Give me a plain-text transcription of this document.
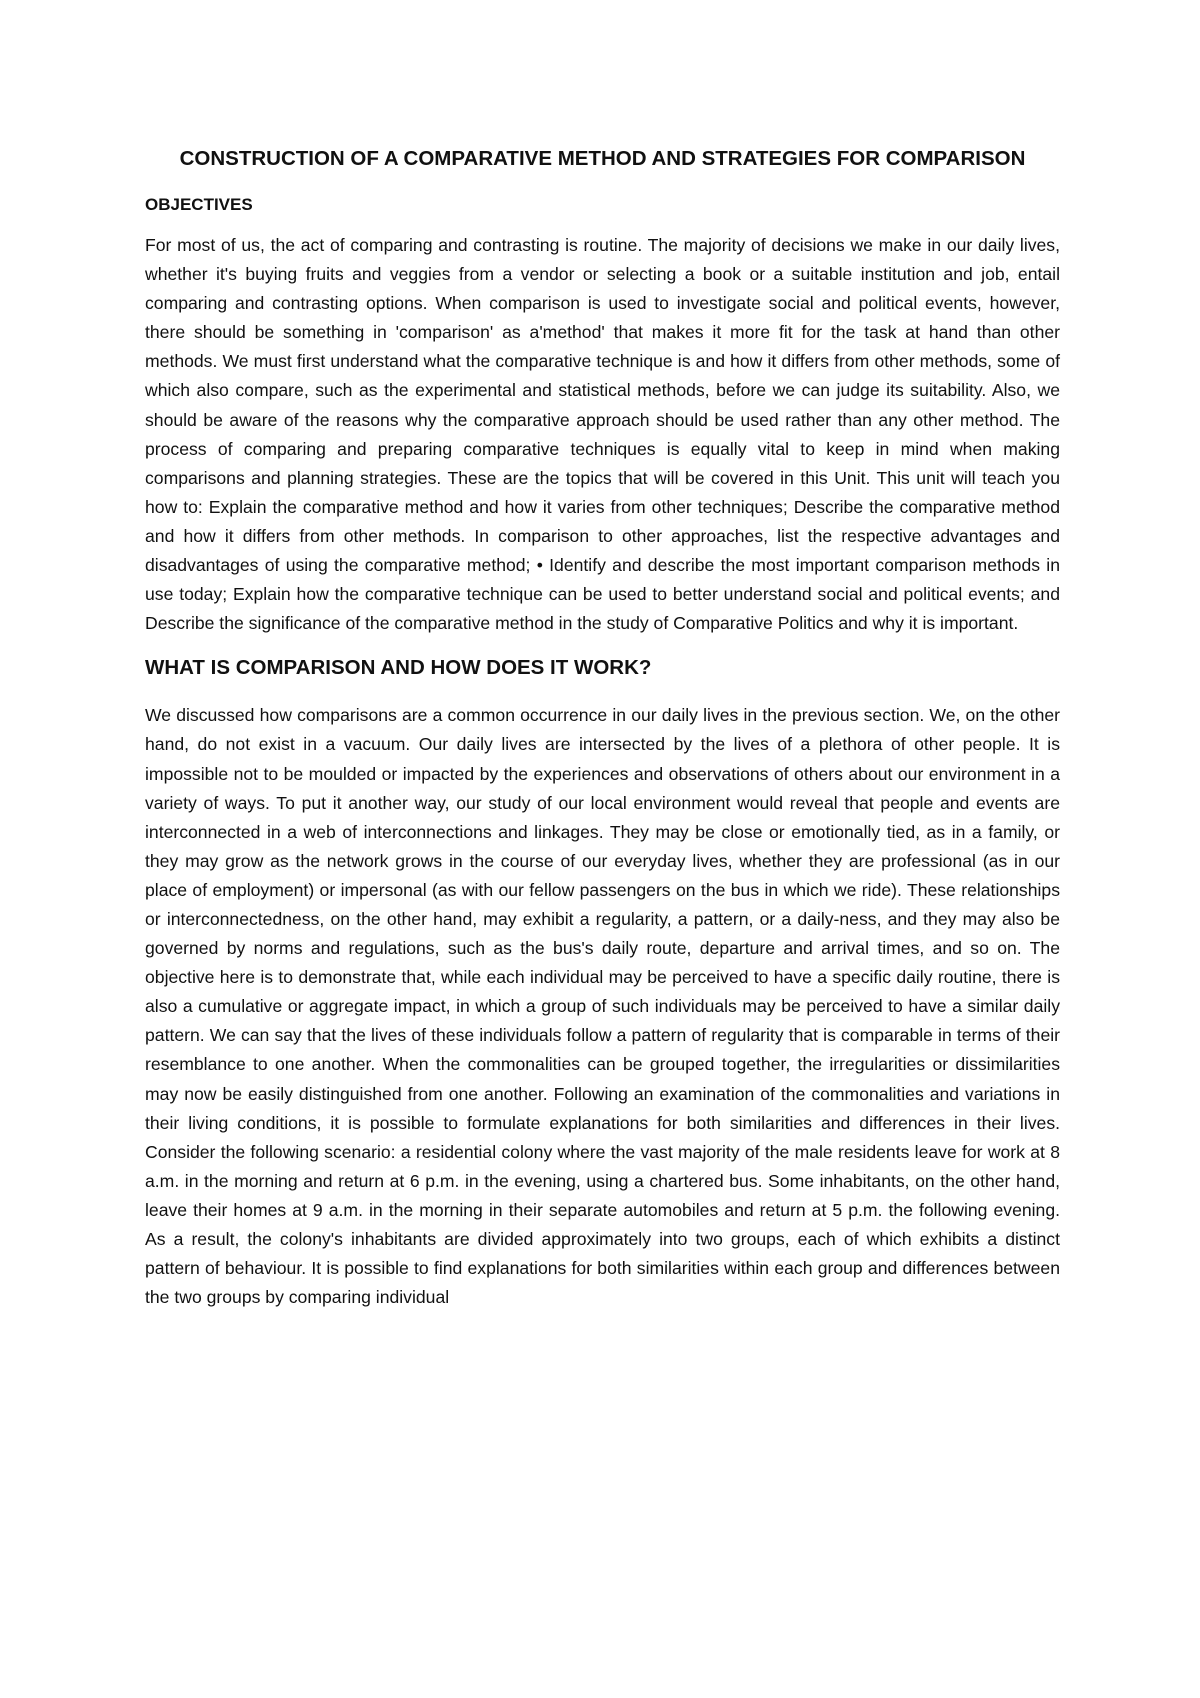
CONSTRUCTION OF A COMPARATIVE METHOD AND STRATEGIES FOR COMPARISON
OBJECTIVES

For most of us, the act of comparing and contrasting is routine. The majority of decisions we make in our daily lives, whether it's buying fruits and veggies from a vendor or selecting a book or a suitable institution and job, entail comparing and contrasting options. When comparison is used to investigate social and political events, however, there should be something in 'comparison' as a'method' that makes it more fit for the task at hand than other methods. We must first understand what the comparative technique is and how it differs from other methods, some of which also compare, such as the experimental and statistical methods, before we can judge its suitability. Also, we should be aware of the reasons why the comparative approach should be used rather than any other method. The process of comparing and preparing comparative techniques is equally vital to keep in mind when making comparisons and planning strategies. These are the topics that will be covered in this Unit. This unit will teach you how to: Explain the comparative method and how it varies from other techniques; Describe the comparative method and how it differs from other methods. In comparison to other approaches, list the respective advantages and disadvantages of using the comparative method; • Identify and describe the most important comparison methods in use today; Explain how the comparative technique can be used to better understand social and political events; and Describe the significance of the comparative method in the study of Comparative Politics and why it is important.

WHAT IS COMPARISON AND HOW DOES IT WORK?

We discussed how comparisons are a common occurrence in our daily lives in the previous section. We, on the other hand, do not exist in a vacuum. Our daily lives are intersected by the lives of a plethora of other people. It is impossible not to be moulded or impacted by the experiences and observations of others about our environment in a variety of ways. To put it another way, our study of our local environment would reveal that people and events are interconnected in a web of interconnections and linkages. They may be close or emotionally tied, as in a family, or they may grow as the network grows in the course of our everyday lives, whether they are professional (as in our place of employment) or impersonal (as with our fellow passengers on the bus in which we ride). These relationships or interconnectedness, on the other hand, may exhibit a regularity, a pattern, or a daily-ness, and they may also be governed by norms and regulations, such as the bus's daily route, departure and arrival times, and so on. The objective here is to demonstrate that, while each individual may be perceived to have a specific daily routine, there is also a cumulative or aggregate impact, in which a group of such individuals may be perceived to have a similar daily pattern. We can say that the lives of these individuals follow a pattern of regularity that is comparable in terms of their resemblance to one another. When the commonalities can be grouped together, the irregularities or dissimilarities may now be easily distinguished from one another. Following an examination of the commonalities and variations in their living conditions, it is possible to formulate explanations for both similarities and differences in their lives. Consider the following scenario: a residential colony where the vast majority of the male residents leave for work at 8 a.m. in the morning and return at 6 p.m. in the evening, using a chartered bus. Some inhabitants, on the other hand, leave their homes at 9 a.m. in the morning in their separate automobiles and return at 5 p.m. the following evening. As a result, the colony's inhabitants are divided approximately into two groups, each of which exhibits a distinct pattern of behaviour. It is possible to find explanations for both similarities within each group and differences between the two groups by comparing individual
